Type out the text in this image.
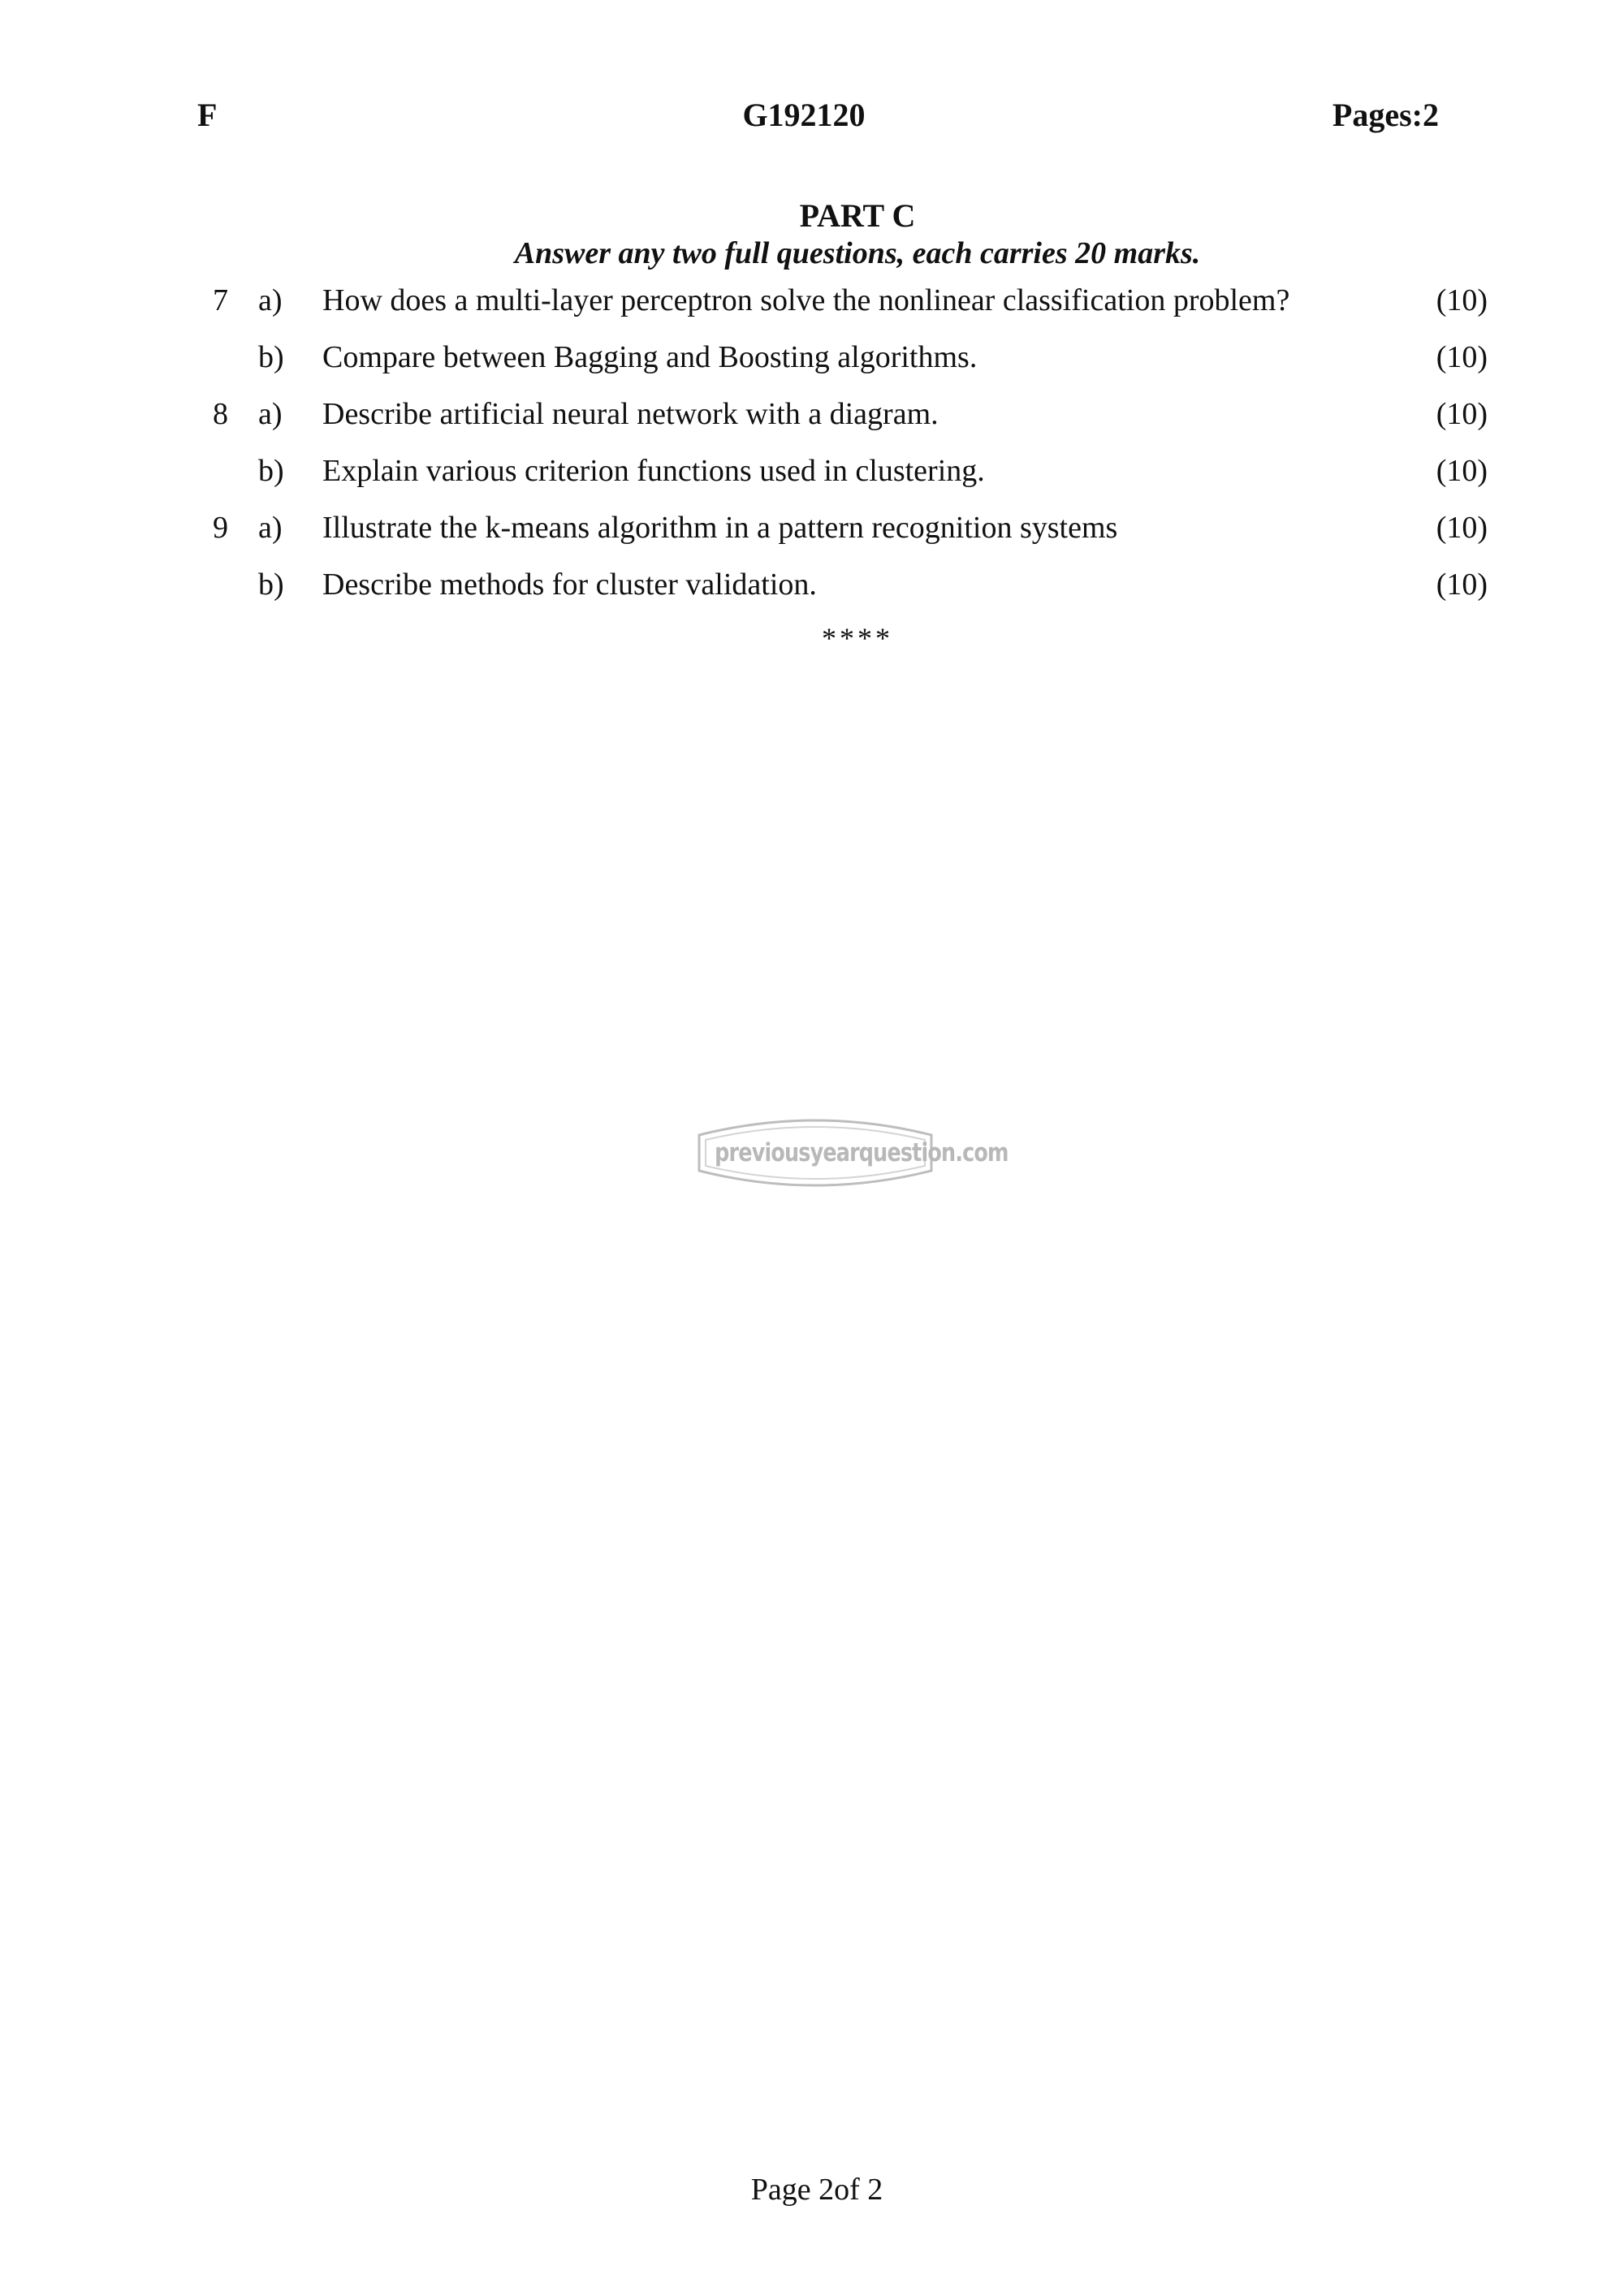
F	G192120	Pages:2
PART C
Answer any two full questions, each carries 20 marks.
7 a) How does a multi-layer perceptron solve the nonlinear classification problem?	(10)
b) Compare between Bagging and Boosting algorithms.	(10)
8 a) Describe artificial neural network with a diagram.	(10)
b) Explain various criterion functions used in clustering.	(10)
9 a) Illustrate the k-means algorithm in a pattern recognition systems	(10)
b) Describe methods for cluster validation.	(10)
****
previousyearquestion.com
Page 2of 2
